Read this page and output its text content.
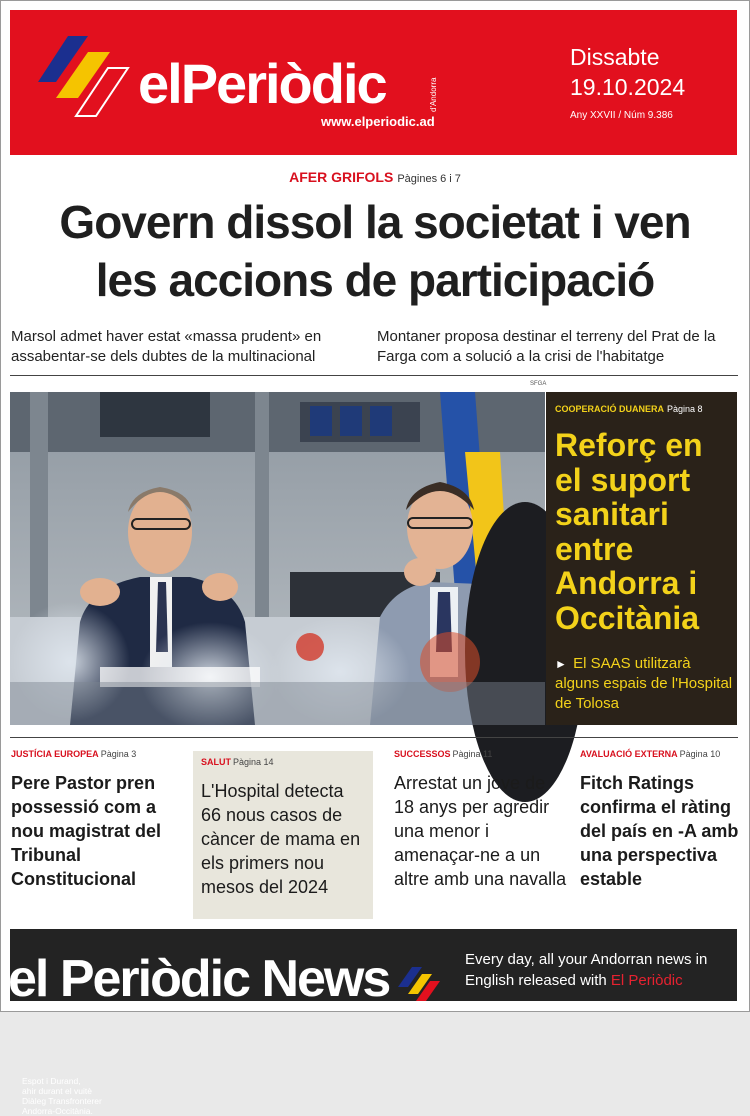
elPeriòdic	d'Andorra
www.elperiodic.ad
Dissabte
19.10.2024
Any XXVII / Núm 9.386
AFER GRIFOLS Pàgines 6 i 7
Govern dissol la societat i ven
les accions de participació
Marsol admet haver estat «massa prudent» en assabentar-se dels dubtes de la multinacional
Montaner proposa destinar el terreny del Prat de la Farga com a solució a la crisi de l'habitatge
SFGA
Espot i Durand,
ahir durant el vuitè
Diàleg Transfronterer
Andorra-Occitània.
COOPERACIÓ DUANERA Pàgina 8
Reforç en el suport sanitari entre Andorra i Occitània
► El SAAS utilitzarà alguns espais de l'Hospital de Tolosa
JUSTÍCIA EUROPEA Pàgina 3
Pere Pastor pren possessió com a nou magistrat del Tribunal Constitucional
SALUT Pàgina 14
L'Hospital detecta 66 nous casos de càncer de mama en els primers nou mesos del 2024
SUCCESSOS Pàgina 11
Arrestat un jove de 18 anys per agredir una menor i amenaçar-ne a un altre amb una navalla
AVALUACIÓ EXTERNA Pàgina 10
Fitch Ratings confirma el ràting del país en -A amb una perspectiva estable
el Periòdic News	Every day, all your Andorran news in English released with El Periòdic
